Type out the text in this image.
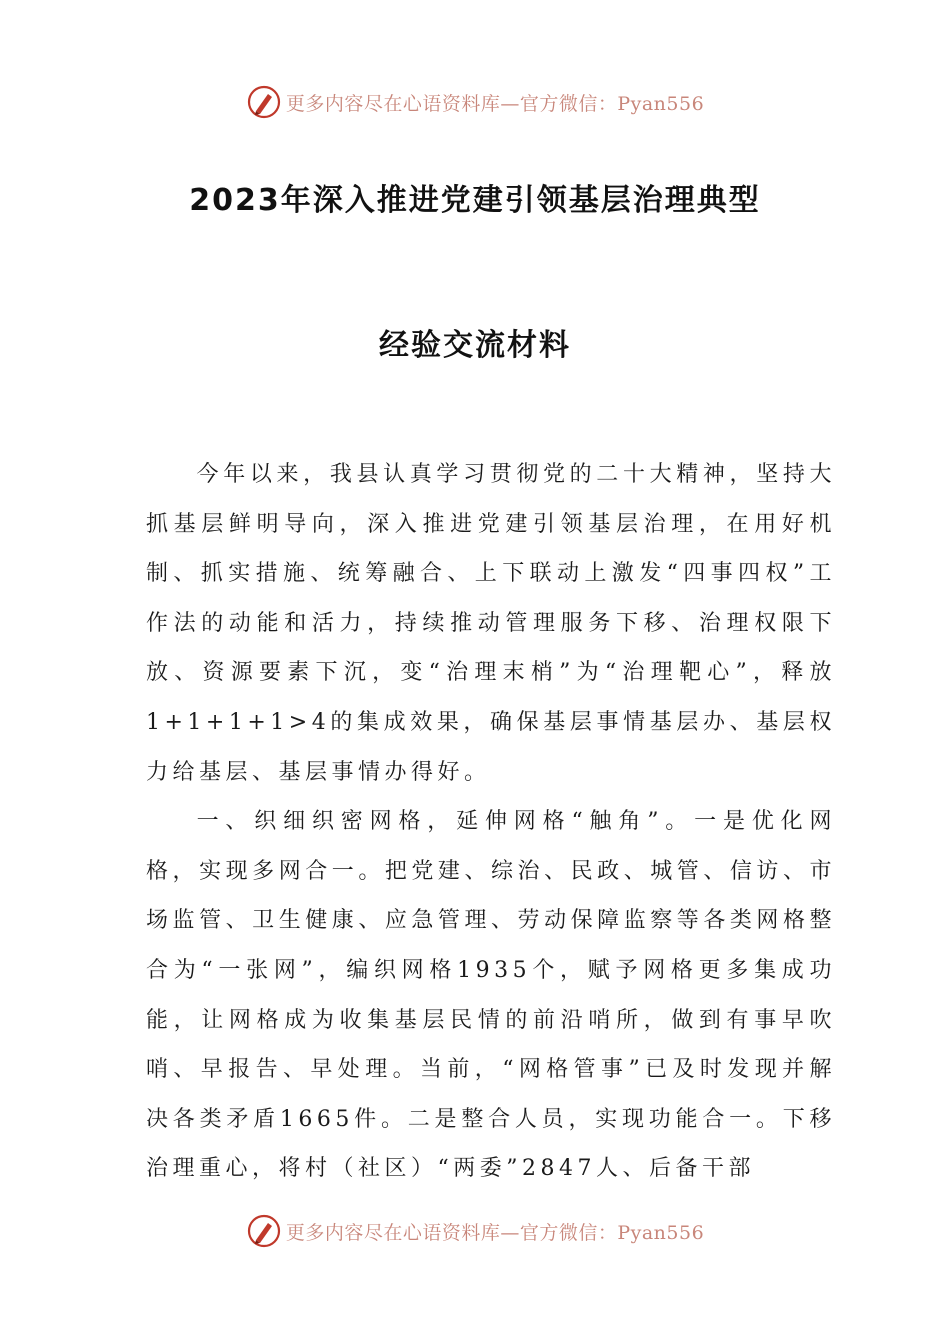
更多内容尽在心语资料库—官方微信：Pyan556
2023年深入推进党建引领基层治理典型
经验交流材料

今年以来，我县认真学习贯彻党的二十大精神，坚持大抓基层鲜明导向，深入推进党建引领基层治理，在用好机制、抓实措施、统筹融合、上下联动上激发“四事四权”工作法的动能和活力，持续推动管理服务下移、治理权限下放、资源要素下沉，变“治理末梢”为“治理靶心”，释放1+1+1+1>4的集成效果，确保基层事情基层办、基层权力给基层、基层事情办得好。

一、织细织密网格，延伸网格“触角”。一是优化网格，实现多网合一。把党建、综治、民政、城管、信访、市场监管、卫生健康、应急管理、劳动保障监察等各类网格整合为“一张网”，编织网格1935个，赋予网格更多集成功能，让网格成为收集基层民情的前沿哨所，做到有事早吹哨、早报告、早处理。当前，“网格管事”已及时发现并解决各类矛盾1665件。二是整合人员，实现功能合一。下移治理重心，将村（社区）“两委”2847人、后备干部

更多内容尽在心语资料库—官方微信：Pyan556
